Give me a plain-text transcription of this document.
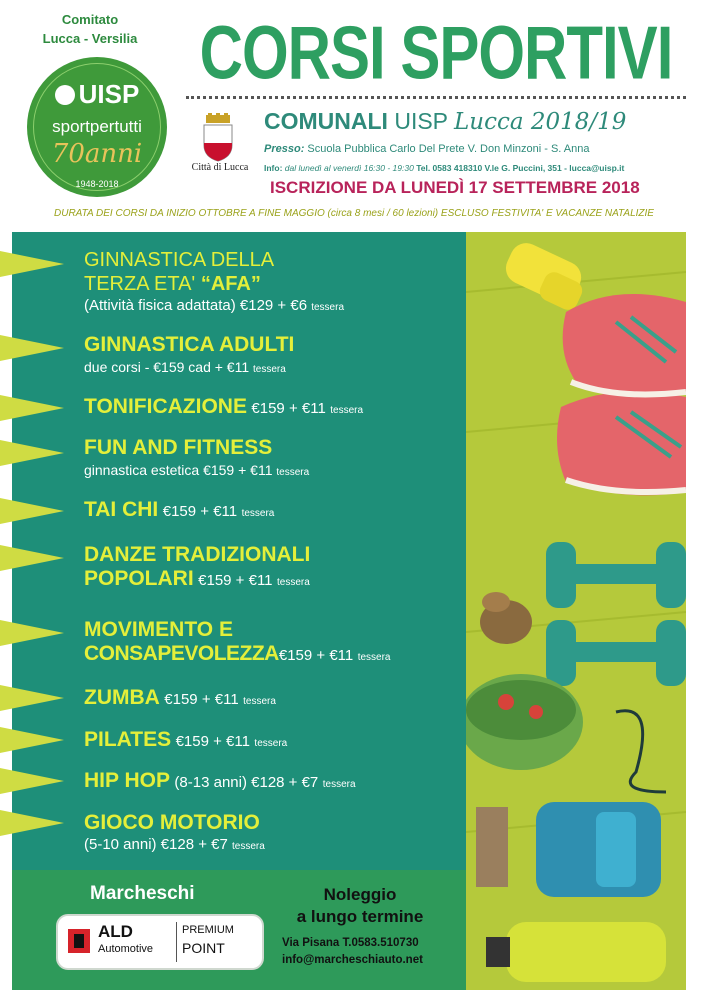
Comitato
Lucca - Versilia
UISP
sportpertutti
70anni
1948-2018
CORSI SPORTIVI
Città di Lucca
COMUNALI UISP Lucca 2018/19
Presso: Scuola Pubblica Carlo Del Prete V. Don Minzoni - S. Anna
Info: dal lunedì al venerdì 16:30 - 19:30 Tel. 0583 418310 V.le G. Puccini, 351 - lucca@uisp.it
ISCRIZIONE DA LUNEDÌ 17 SETTEMBRE 2018
DURATA DEI CORSI DA INIZIO OTTOBRE A FINE MAGGIO (circa 8 mesi / 60 lezioni) ESCLUSO FESTIVITA' E VACANZE NATALIZIE
GINNASTICA DELLA
TERZA ETA' “AFA”
(Attività fisica adattata) €129 + €6 tessera
GINNASTICA ADULTI
due corsi - €159 cad + €11 tessera
TONIFICAZIONE €159 + €11 tessera
FUN AND FITNESS
ginnastica estetica €159 + €11 tessera
TAI CHI €159 + €11 tessera
DANZE TRADIZIONALI
POPOLARI €159 + €11 tessera
MOVIMENTO E
CONSAPEVOLEZZA€159 + €11 tessera
ZUMBA €159 + €11 tessera
PILATES €159 + €11 tessera
HIP HOP (8-13 anni) €128 + €7 tessera
GIOCO MOTORIO
(5-10 anni) €128 + €7 tessera
Marcheschi
ALD
Automotive
PREMIUM
POINT
Noleggio
a lungo termine
Via Pisana T.0583.510730
info@marcheschiauto.net
